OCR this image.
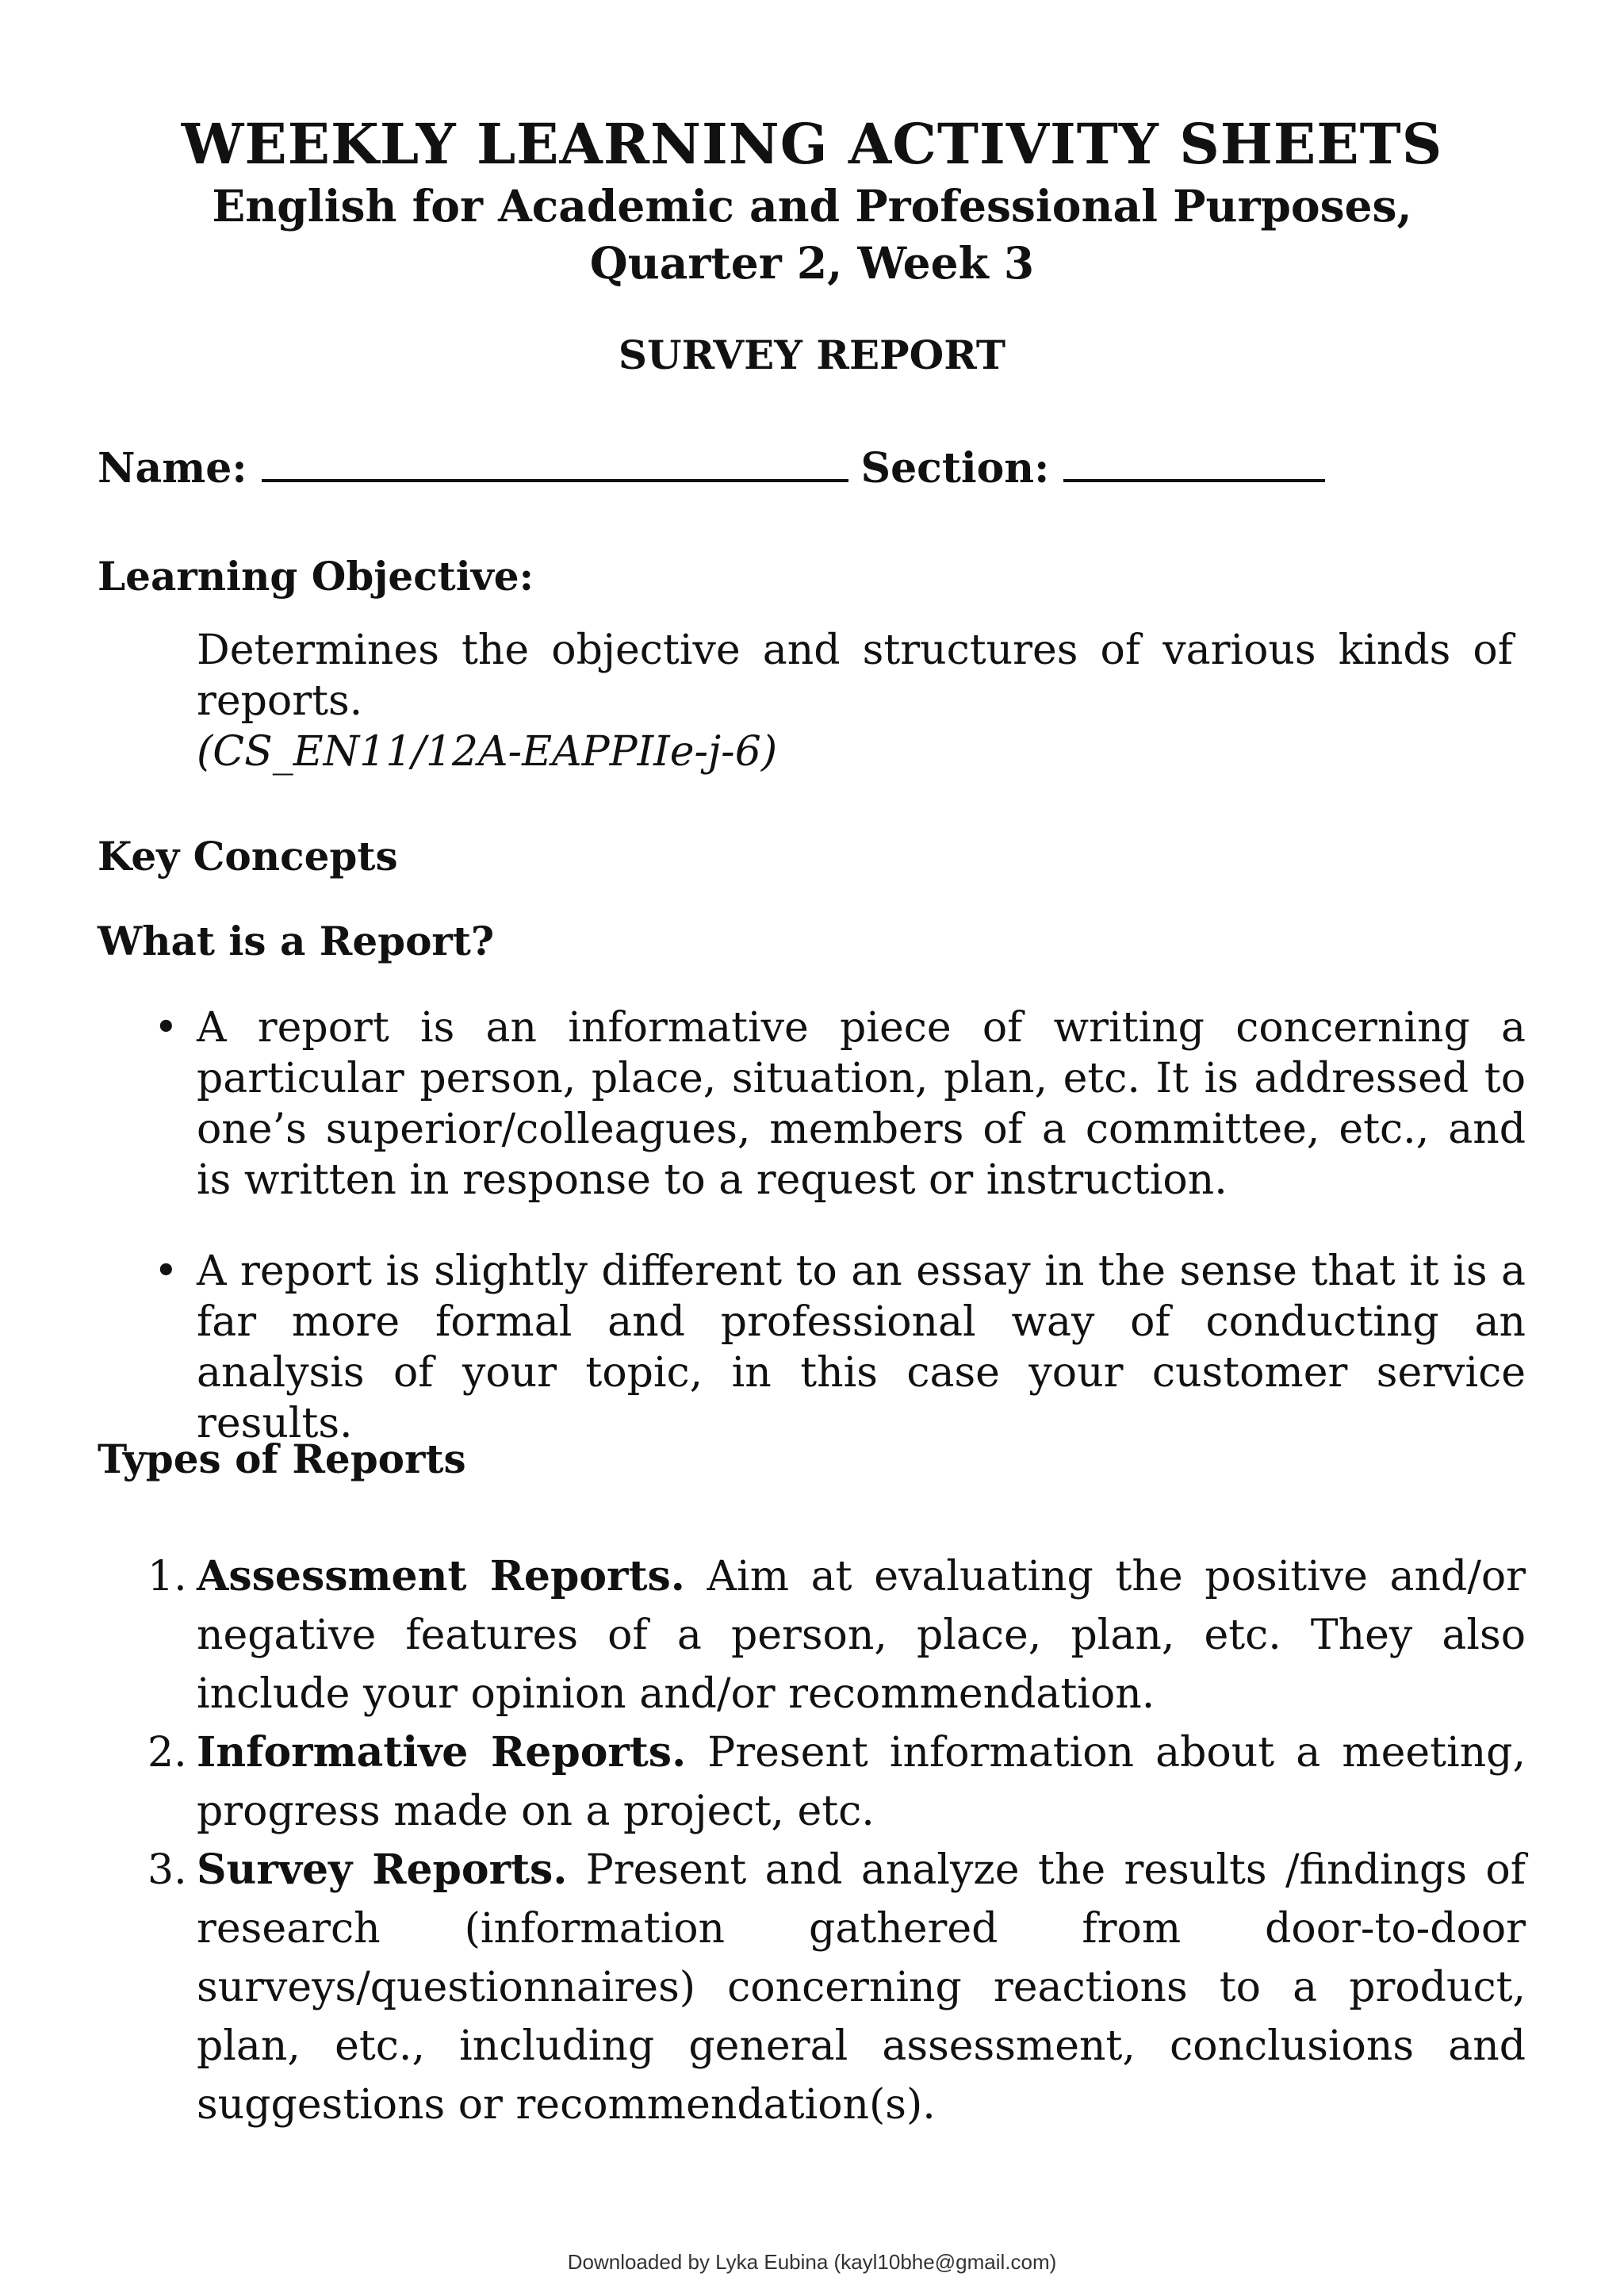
WEEKLY LEARNING ACTIVITY SHEETS
English for Academic and Professional Purposes,
Quarter 2, Week 3
SURVEY REPORT
Name:	Section:
Learning Objective:
Determines the objective and structures of various kinds of reports.
(CS_EN11/12A-EAPPIIe-j-6)
Key Concepts
What is a Report?
• A report is an informative piece of writing concerning a particular person, place, situation, plan, etc. It is addressed to one’s superior/colleagues, members of a committee, etc., and is written in response to a request or instruction.
• A report is slightly different to an essay in the sense that it is a far more formal and professional way of conducting an analysis of your topic, in this case your customer service results.
Types of Reports
1. Assessment Reports. Aim at evaluating the positive and/or negative features of a person, place, plan, etc. They also include your opinion and/or recommendation.
2. Informative Reports. Present information about a meeting, progress made on a project, etc.
3. Survey Reports. Present and analyze the results /findings of research (information gathered from door-to-door surveys/questionnaires) concerning reactions to a product, plan, etc., including general assessment, conclusions and suggestions or recommendation(s).
Downloaded by Lyka Eubina (kayl10bhe@gmail.com)
